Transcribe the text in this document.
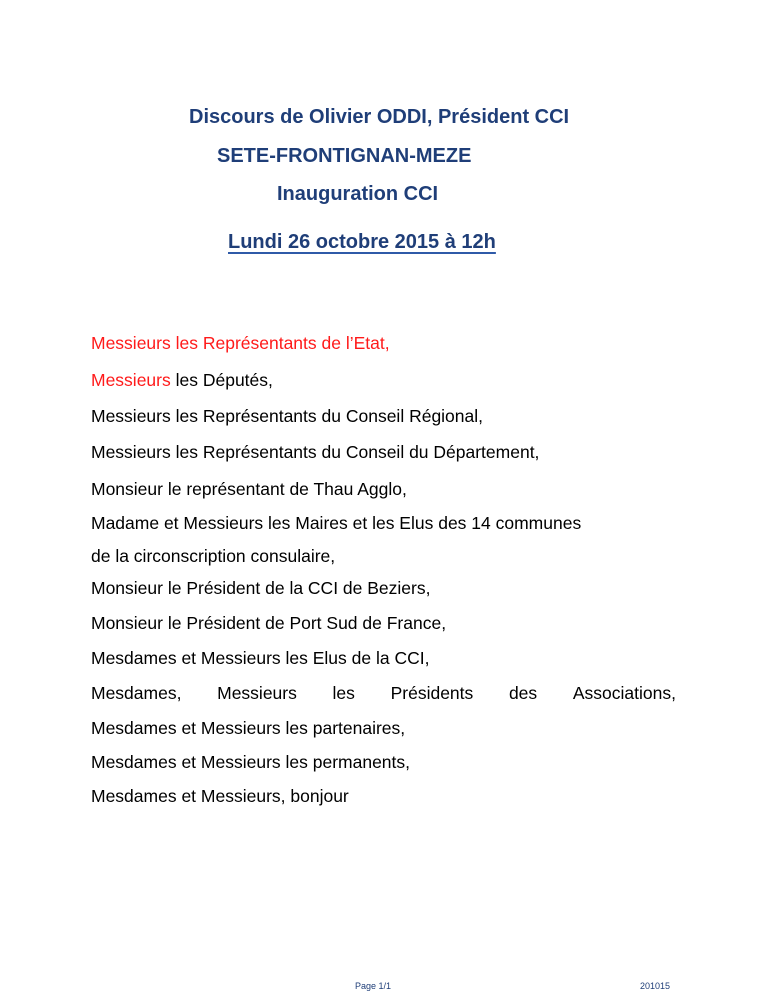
Discours de Olivier ODDI, Président CCI
SETE-FRONTIGNAN-MEZE
Inauguration CCI
Lundi 26 octobre 2015 à 12h
Messieurs les Représentants de l’Etat,
Messieurs les Députés,
Messieurs les Représentants du Conseil Régional,
Messieurs les Représentants du Conseil du Département,
Monsieur le représentant de Thau Agglo,
Madame et Messieurs les Maires et les Elus des 14 communes
de la circonscription consulaire,
Monsieur le Président de la CCI de Beziers,
Monsieur le Président de Port Sud de France,
Mesdames et Messieurs les Elus de la CCI,
Mesdames, Messieurs les Présidents des Associations,
Mesdames et Messieurs les partenaires,
Mesdames et Messieurs les permanents,
Mesdames et Messieurs, bonjour
Page 1/1	201015
